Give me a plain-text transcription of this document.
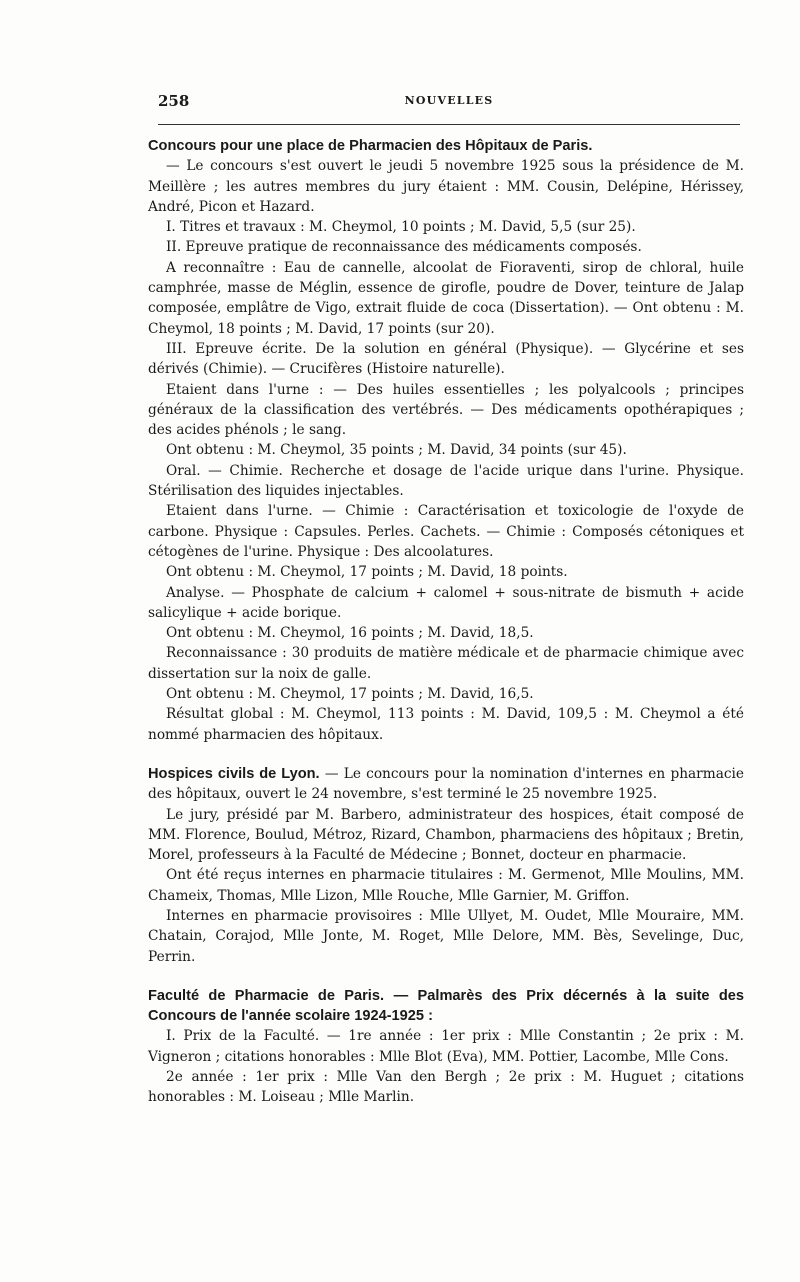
258	NOUVELLES

Concours pour une place de Pharmacien des Hôpitaux de Paris.

— Le concours s'est ouvert le jeudi 5 novembre 1925 sous la présidence de M. Meillère ; les autres membres du jury étaient : MM. Cousin, Delépine, Hérissey, André, Picon et Hazard.

I. Titres et travaux : M. Cheymol, 10 points ; M. David, 5,5 (sur 25).

II. Epreuve pratique de reconnaissance des médicaments composés.

A reconnaître : Eau de cannelle, alcoolat de Fioraventi, sirop de chloral, huile camphrée, masse de Méglin, essence de girofle, poudre de Dover, teinture de Jalap composée, emplâtre de Vigo, extrait fluide de coca (Dissertation). — Ont obtenu : M. Cheymol, 18 points ; M. David, 17 points (sur 20).

III. Epreuve écrite. De la solution en général (Physique). — Glycérine et ses dérivés (Chimie). — Crucifères (Histoire naturelle).

Etaient dans l'urne : — Des huiles essentielles ; les polyalcools ; principes généraux de la classification des vertébrés. — Des médicaments opothérapiques ; des acides phénols ; le sang.

Ont obtenu : M. Cheymol, 35 points ; M. David, 34 points (sur 45).

Oral. — Chimie. Recherche et dosage de l'acide urique dans l'urine. Physique. Stérilisation des liquides injectables.

Etaient dans l'urne. — Chimie : Caractérisation et toxicologie de l'oxyde de carbone. Physique : Capsules. Perles. Cachets. — Chimie : Composés cétoniques et cétogènes de l'urine. Physique : Des alcoolatures.

Ont obtenu : M. Cheymol, 17 points ; M. David, 18 points.

Analyse. — Phosphate de calcium + calomel + sous-nitrate de bismuth + acide salicylique + acide borique.

Ont obtenu : M. Cheymol, 16 points ; M. David, 18,5.

Reconnaissance : 30 produits de matière médicale et de pharmacie chimique avec dissertation sur la noix de galle.

Ont obtenu : M. Cheymol, 17 points ; M. David, 16,5.

Résultat global : M. Cheymol, 113 points : M. David, 109,5 : M. Cheymol a été nommé pharmacien des hôpitaux.

Hospices civils de Lyon. — Le concours pour la nomination d'internes en pharmacie des hôpitaux, ouvert le 24 novembre, s'est terminé le 25 novembre 1925.

Le jury, présidé par M. Barbero, administrateur des hospices, était composé de MM. Florence, Boulud, Métroz, Rizard, Chambon, pharmaciens des hôpitaux ; Bretin, Morel, professeurs à la Faculté de Médecine ; Bonnet, docteur en pharmacie.

Ont été reçus internes en pharmacie titulaires : M. Germenot, Mlle Moulins, MM. Chameix, Thomas, Mlle Lizon, Mlle Rouche, Mlle Garnier, M. Griffon.

Internes en pharmacie provisoires : Mlle Ullyet, M. Oudet, Mlle Mouraire, MM. Chatain, Corajod, Mlle Jonte, M. Roget, Mlle Delore, MM. Bès, Sevelinge, Duc, Perrin.

Faculté de Pharmacie de Paris. — Palmarès des Prix décernés à la suite des Concours de l'année scolaire 1924-1925 :

I. Prix de la Faculté. — 1re année : 1er prix : Mlle Constantin ; 2e prix : M. Vigneron ; citations honorables : Mlle Blot (Eva), MM. Pottier, Lacombe, Mlle Cons.

2e année : 1er prix : Mlle Van den Bergh ; 2e prix : M. Huguet ; citations honorables : M. Loiseau ; Mlle Marlin.
